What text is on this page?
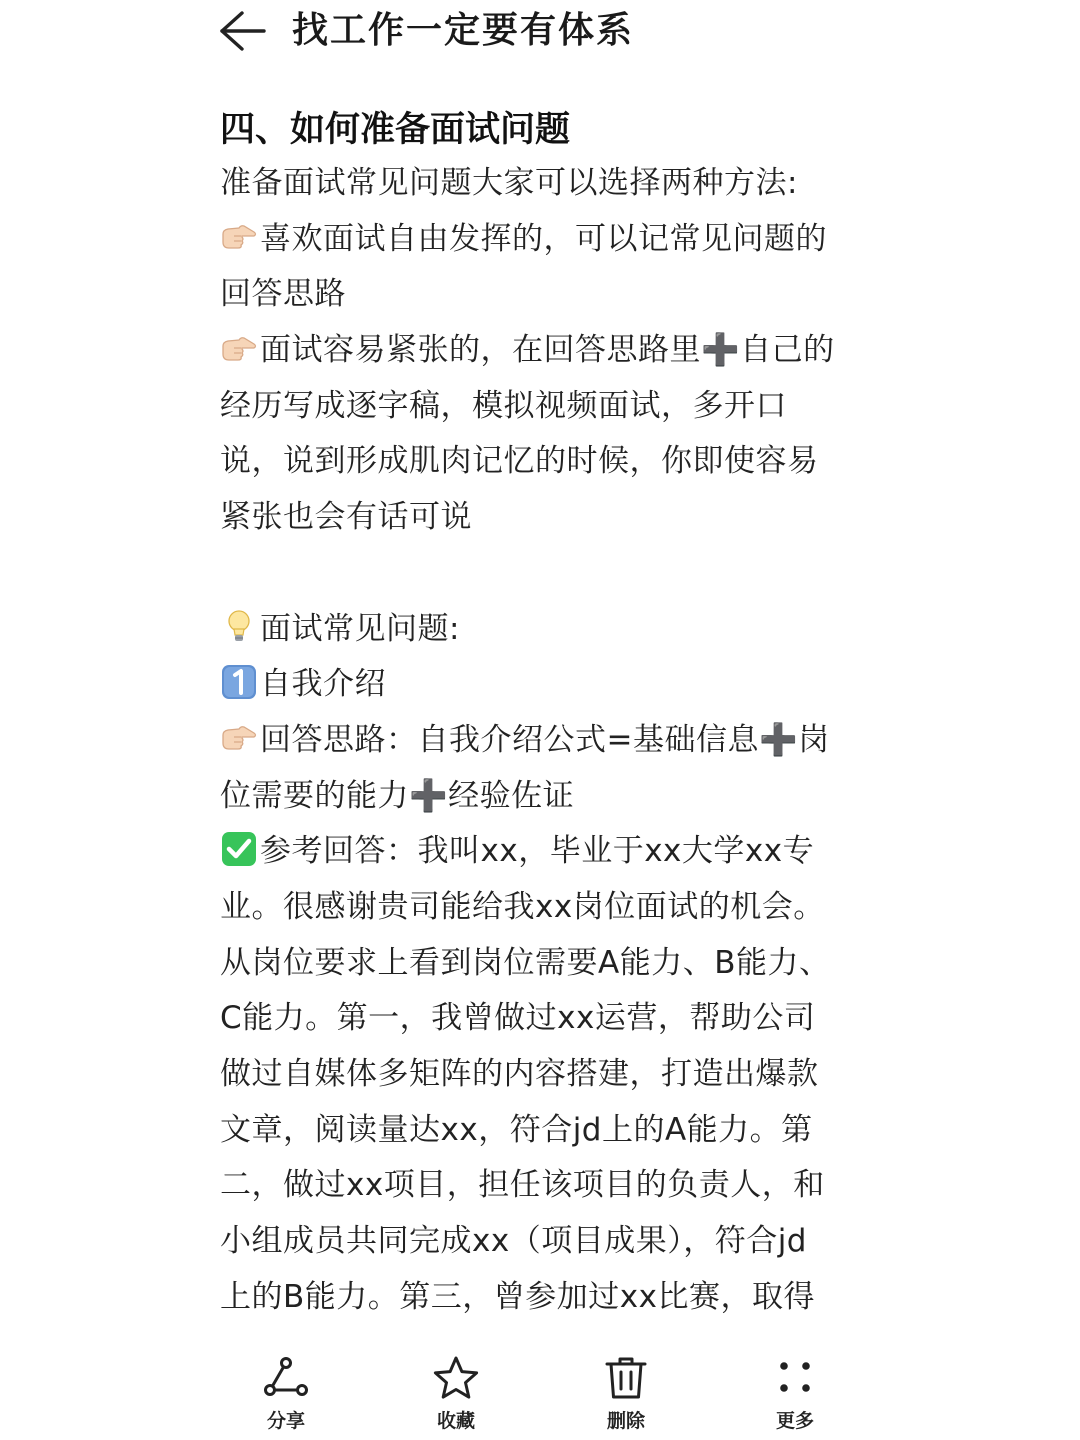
找工作一定要有体系
四、如何准备面试问题
准备面试常见问题大家可以选择两种方法:
喜欢面试自由发挥的，可以记常见问题的
回答思路
面试容易紧张的，在回答思路里➕自己的
经历写成逐字稿，模拟视频面试，多开口
说，说到形成肌肉记忆的时候，你即使容易
紧张也会有话可说
面试常见问题:
自我介绍
回答思路：自我介绍公式=基础信息➕岗
位需要的能力➕经验佐证
参考回答：我叫xx，毕业于xx大学xx专
业。很感谢贵司能给我xx岗位面试的机会。
从岗位要求上看到岗位需要A能力、B能力、
C能力。第一，我曾做过xx运营，帮助公司
做过自媒体多矩阵的内容搭建，打造出爆款
文章，阅读量达xx，符合jd上的A能力。第
二，做过xx项目，担任该项目的负责人，和
小组成员共同完成xx（项目成果），符合jd
上的B能力。第三，曾参加过xx比赛，取得
分享	收藏	删除	更多
